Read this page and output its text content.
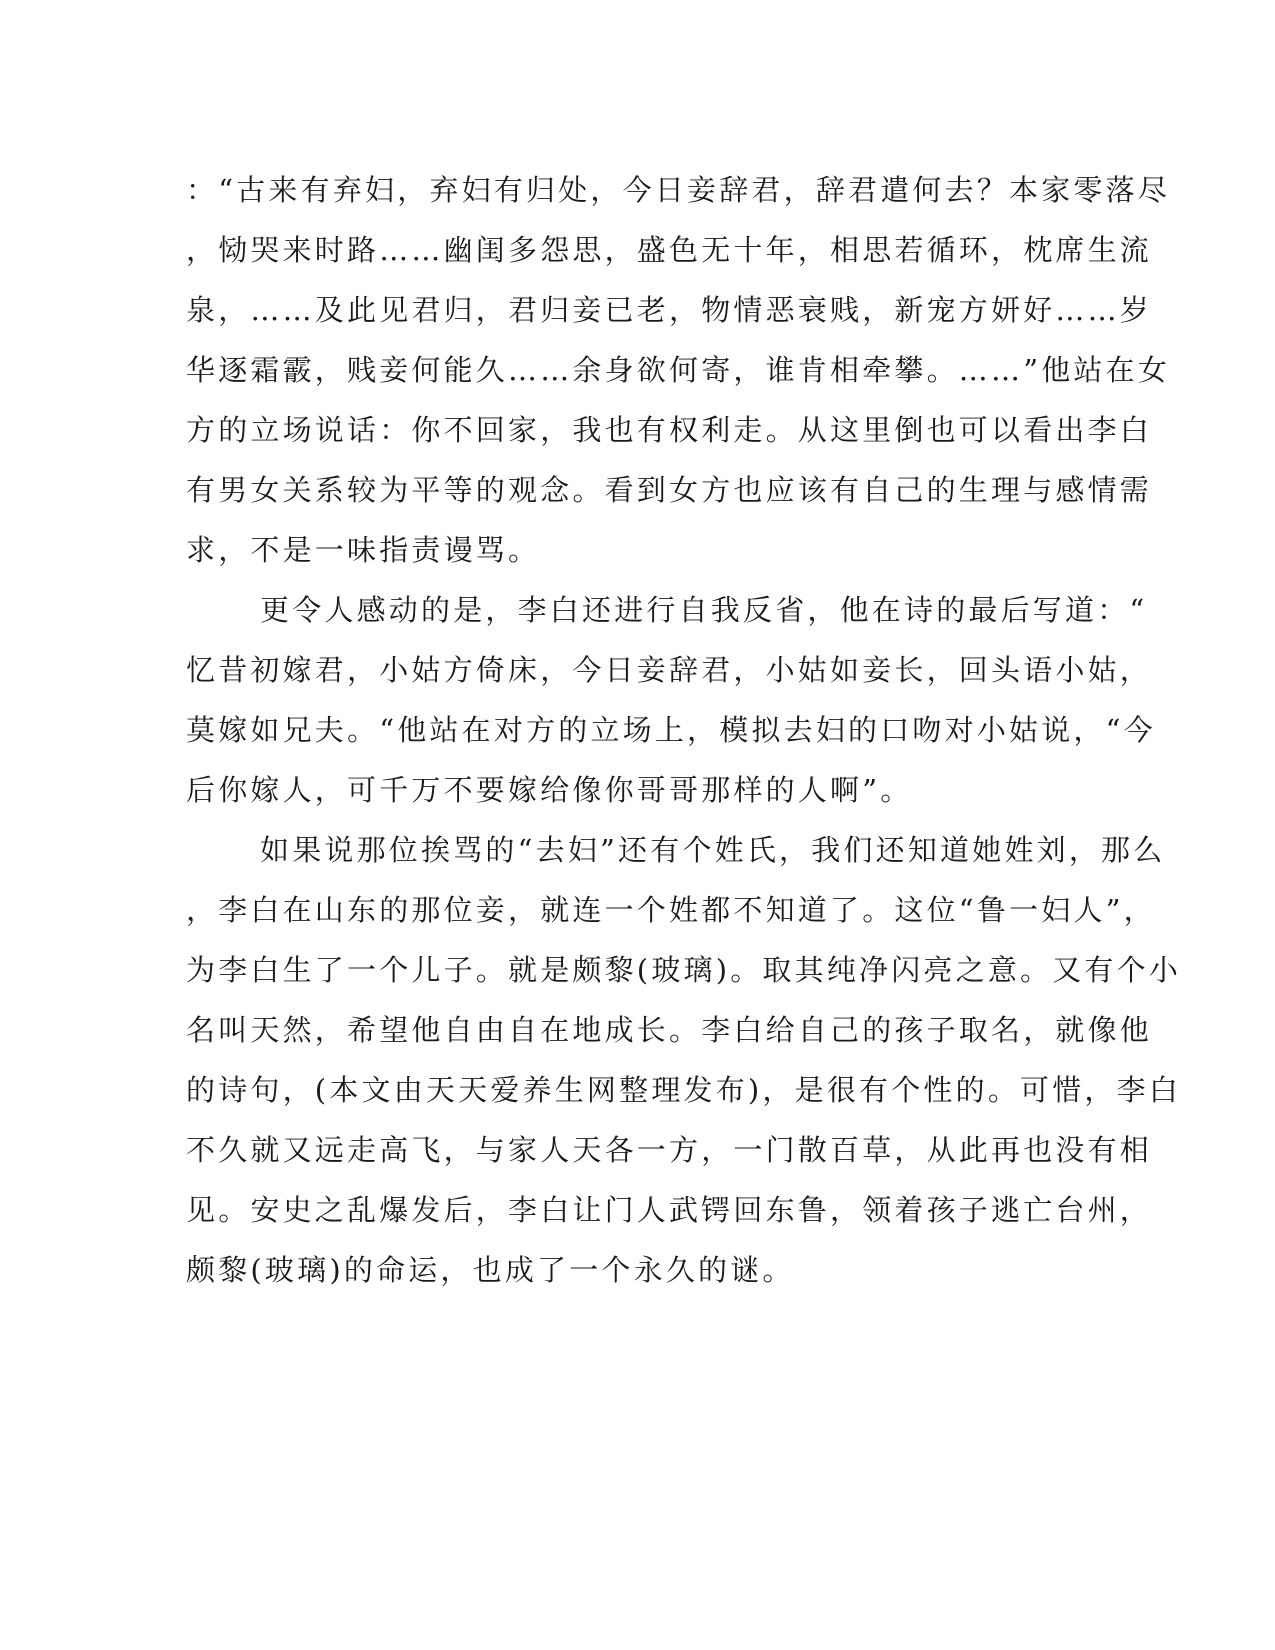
：“古来有弃妇，弃妇有归处，今日妾辞君，辞君遣何去？本家零落尽
，恸哭来时路……幽闺多怨思，盛色无十年，相思若循环，枕席生流
泉，……及此见君归，君归妾已老，物情恶衰贱，新宠方妍好……岁
华逐霜霰，贱妾何能久……余身欲何寄，谁肯相牵攀。……”他站在女
方的立场说话：你不回家，我也有权利走。从这里倒也可以看出李白
有男女关系较为平等的观念。看到女方也应该有自己的生理与感情需
求，不是一味指责谩骂。
更令人感动的是，李白还进行自我反省，他在诗的最后写道：“
忆昔初嫁君，小姑方倚床，今日妾辞君，小姑如妾长，回头语小姑，
莫嫁如兄夫。“他站在对方的立场上，模拟去妇的口吻对小姑说，“今
后你嫁人，可千万不要嫁给像你哥哥那样的人啊”。
如果说那位挨骂的“去妇”还有个姓氏，我们还知道她姓刘，那么
，李白在山东的那位妾，就连一个姓都不知道了。这位“鲁一妇人”，
为李白生了一个儿子。就是颇黎(玻璃)。取其纯净闪亮之意。又有个小
名叫天然，希望他自由自在地成长。李白给自己的孩子取名，就像他
的诗句，(本文由天天爱养生网整理发布)，是很有个性的。可惜，李白
不久就又远走高飞，与家人天各一方，一门散百草，从此再也没有相
见。安史之乱爆发后，李白让门人武锷回东鲁，领着孩子逃亡台州，
颇黎(玻璃)的命运，也成了一个永久的谜。
